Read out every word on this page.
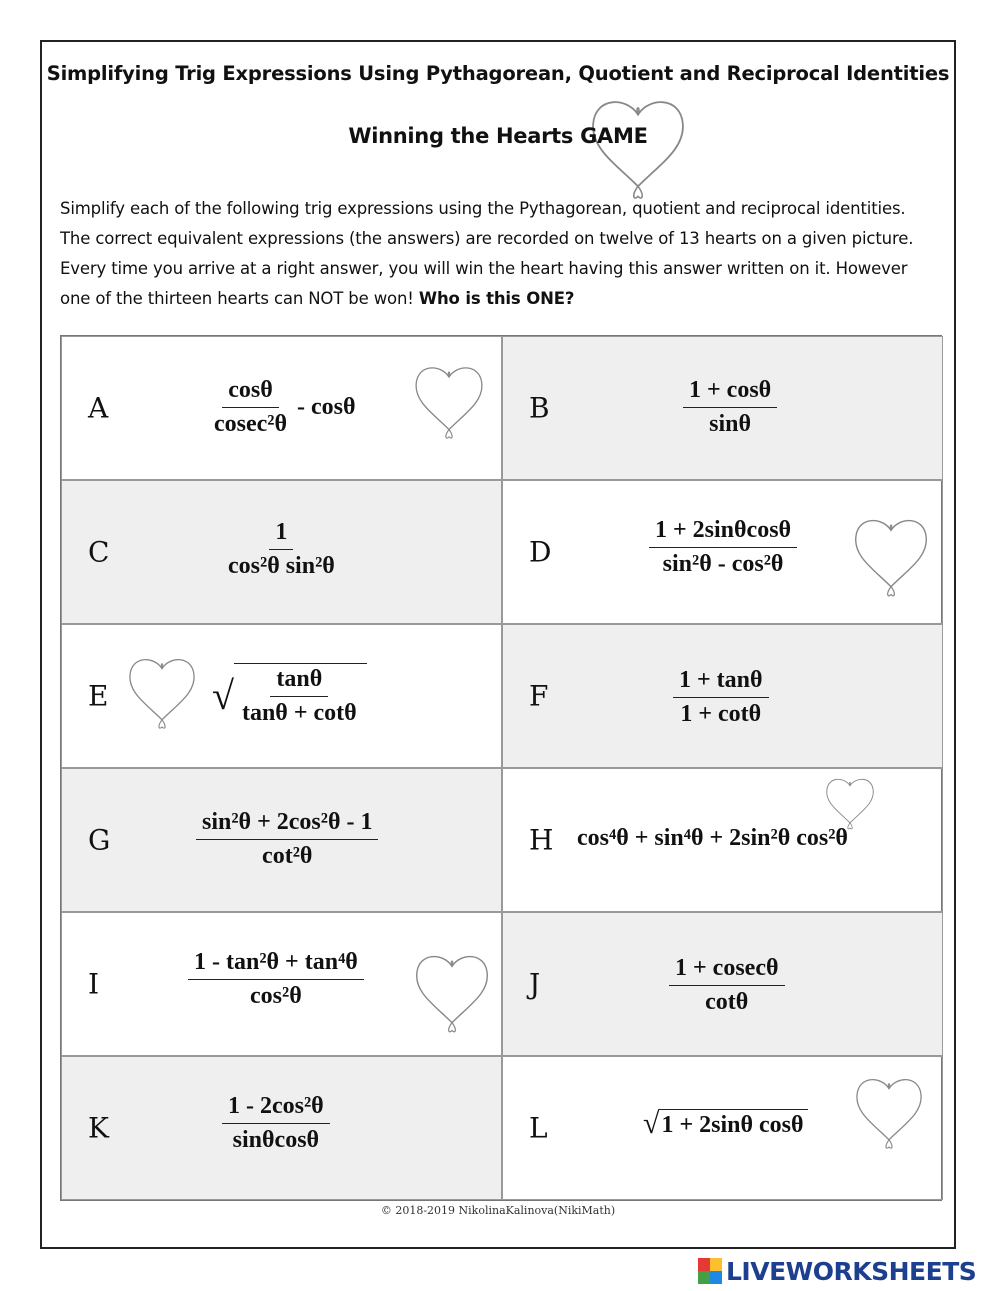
Simplifying Trig Expressions Using Pythagorean, Quotient and Reciprocal Identities
Winning the Hearts GAME
Simplify each of the following trig expressions using the Pythagorean, quotient and reciprocal identities. The correct equivalent expressions (the answers) are recorded on twelve of 13 hearts on a given picture. Every time you arrive at a right answer, you will win the heart having this answer written on it. However one of the thirteen hearts can NOT be won! Who is this ONE?
A	$\frac{\cos\theta}{\text{cosec²θ}}$ - cosθ	B	$\frac{1 + \cos\theta}{\sin\theta}$
C	$\frac{1}{\text{cos²θ sin²θ}}$	D	$\frac{1 + 2\sin\theta\cos\theta}{\text{sin²θ - cos²θ}}$
E	√ $\frac{\tan\theta}{\tan\theta + \cot\theta}$	F	$\frac{1 + \tan\theta}{1 + \cot\theta}$
G	$\frac{\text{sin²θ + 2cos²θ - 1}}{\text{cot²θ}}$	H cos⁴θ + sin⁴θ + 2sin²θ cos²θ
I	$\frac{\text{1 - tan²θ + tan⁴θ}}{\text{cos²θ}}$	J	$\frac{1 + cosec\theta}{\cot\theta}$
K	$\frac{\text{1 - 2cos²θ}}{\sin\theta\cos\theta}$	L	√ 1 + 2sinθ cosθ
© 2018-2019 NikolinaKalinova(NikiMath)
LIVEWORKSHEETS
